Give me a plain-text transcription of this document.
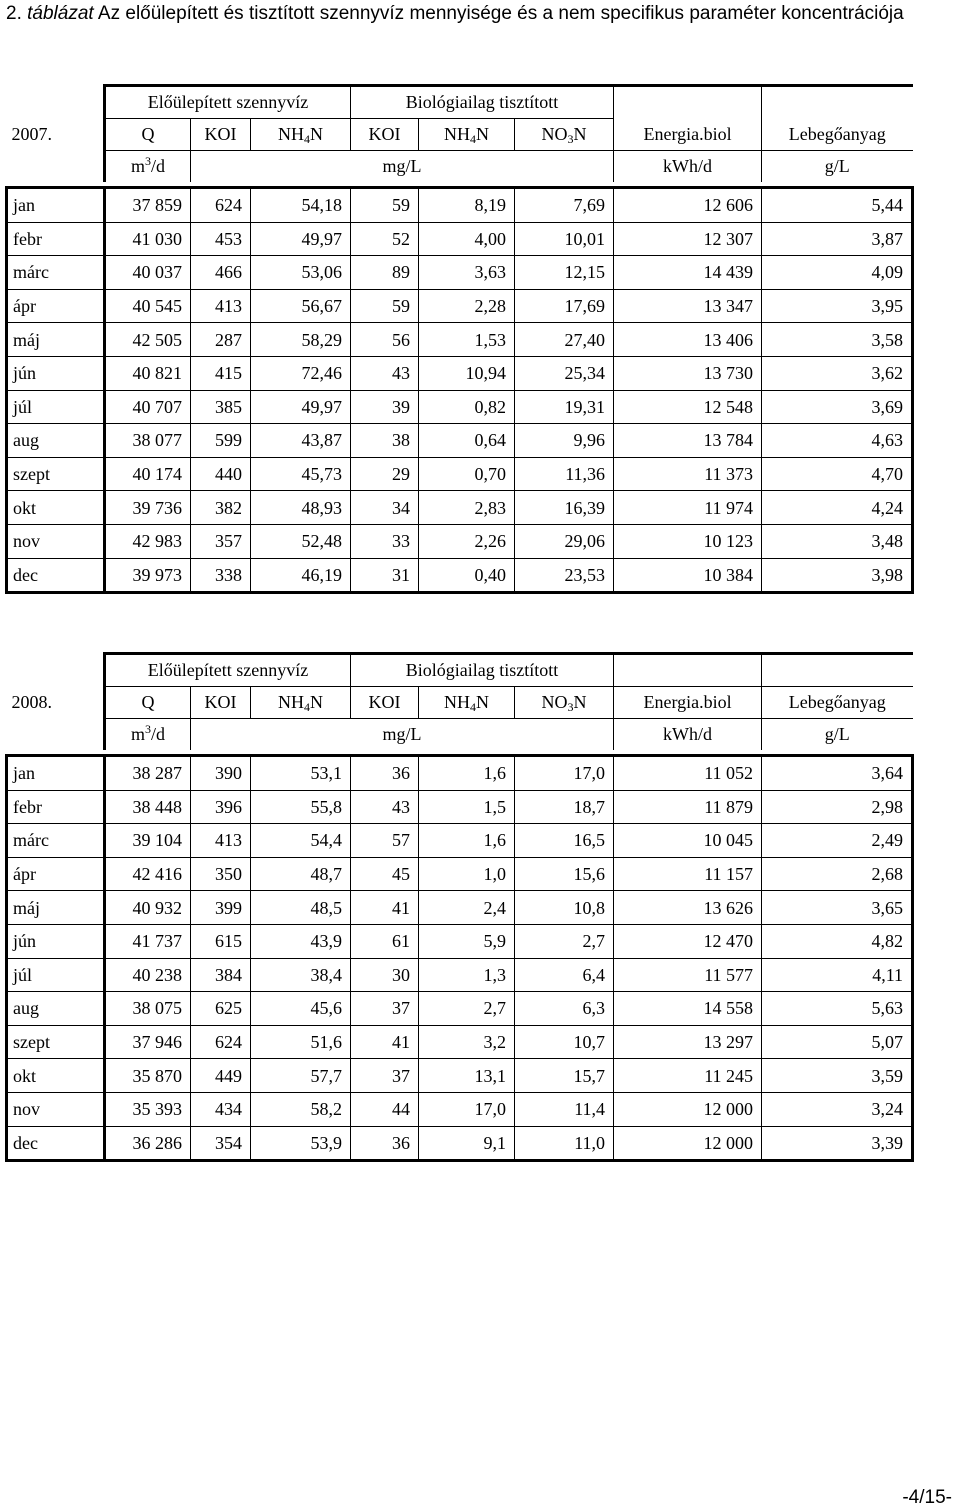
2. táblázat Az előülepített és tisztított szennyvíz mennyisége és a nem specifikus paraméter koncentrációja
2007.	Előülepített szennyvíz			Biológiailag tisztított				
	Q	KOI	$NH_4N$	KOI	$NH_4N$	$NO_3N$	Energia.biol	Lebegőanyag
	$m^3/d$	mg/L					kWh/d	g/L

jan	37 859	624	54,18	59	8,19	7,69	12 606	5,44
febr	41 030	453	49,97	52	4,00	10,01	12 307	3,87
márc	40 037	466	53,06	89	3,63	12,15	14 439	4,09
ápr	40 545	413	56,67	59	2,28	17,69	13 347	3,95
máj	42 505	287	58,29	56	1,53	27,40	13 406	3,58
jún	40 821	415	72,46	43	10,94	25,34	13 730	3,62
júl	40 707	385	49,97	39	0,82	19,31	12 548	3,69
aug	38 077	599	43,87	38	0,64	9,96	13 784	4,63
szept	40 174	440	45,73	29	0,70	11,36	11 373	4,70
okt	39 736	382	48,93	34	2,83	16,39	11 974	4,24
nov	42 983	357	52,48	33	2,26	29,06	10 123	3,48
dec	39 973	338	46,19	31	0,40	23,53	10 384	3,98
2008.	Előülepített szennyvíz			Biológiailag tisztított				
	Q	KOI	$NH_4N$	KOI	$NH_4N$	$NO_3N$	Energia.biol	Lebegőanyag
	$m^3/d$	mg/L					kWh/d	g/L

jan	38 287	390	53,1	36	1,6	17,0	11 052	3,64
febr	38 448	396	55,8	43	1,5	18,7	11 879	2,98
márc	39 104	413	54,4	57	1,6	16,5	10 045	2,49
ápr	42 416	350	48,7	45	1,0	15,6	11 157	2,68
máj	40 932	399	48,5	41	2,4	10,8	13 626	3,65
jún	41 737	615	43,9	61	5,9	2,7	12 470	4,82
júl	40 238	384	38,4	30	1,3	6,4	11 577	4,11
aug	38 075	625	45,6	37	2,7	6,3	14 558	5,63
szept	37 946	624	51,6	41	3,2	10,7	13 297	5,07
okt	35 870	449	57,7	37	13,1	15,7	11 245	3,59
nov	35 393	434	58,2	44	17,0	11,4	12 000	3,24
dec	36 286	354	53,9	36	9,1	11,0	12 000	3,39
-4/15-
